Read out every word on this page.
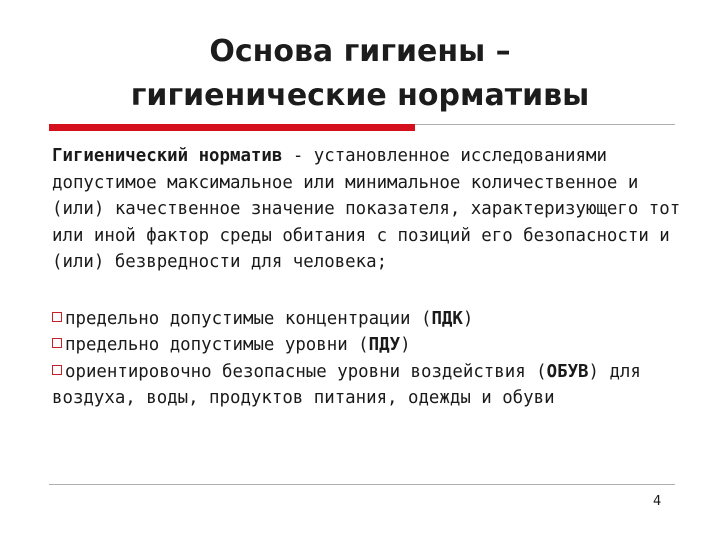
Основа гигиены –
гигиенические нормативы

Гигиенический норматив - установленное исследованиями допустимое максимальное или минимальное количественное и (или) качественное значение показателя, характеризующего тот или иной фактор среды обитания с позиций его безопасности и (или) безвредности для человека;

предельно допустимые концентрации (ПДК)
предельно допустимые уровни (ПДУ)
ориентировочно безопасные уровни воздействия (ОБУВ) для воздуха, воды, продуктов питания, одежды и обуви
4
